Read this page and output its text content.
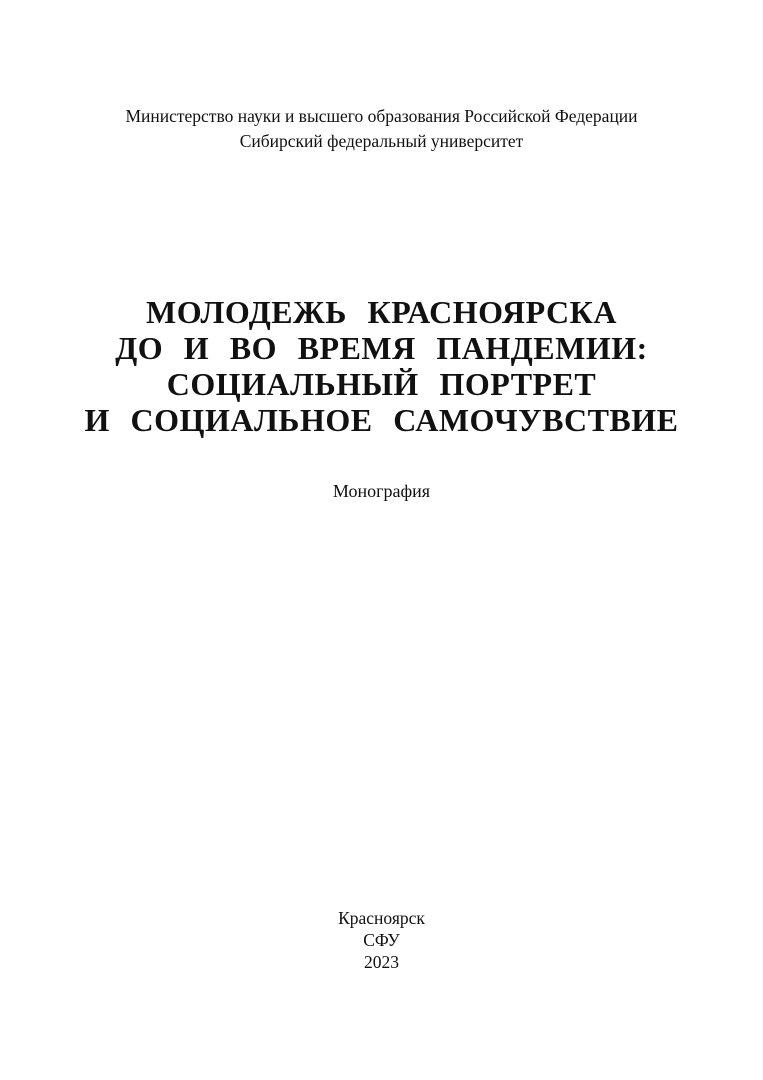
Министерство науки и высшего образования Российской Федерации
Сибирский федеральный университет
МОЛОДЕЖЬ КРАСНОЯРСКА
ДО И ВО ВРЕМЯ ПАНДЕМИИ:
СОЦИАЛЬНЫЙ ПОРТРЕТ
И СОЦИАЛЬНОЕ САМОЧУВСТВИЕ
Монография
Красноярск
СФУ
2023
